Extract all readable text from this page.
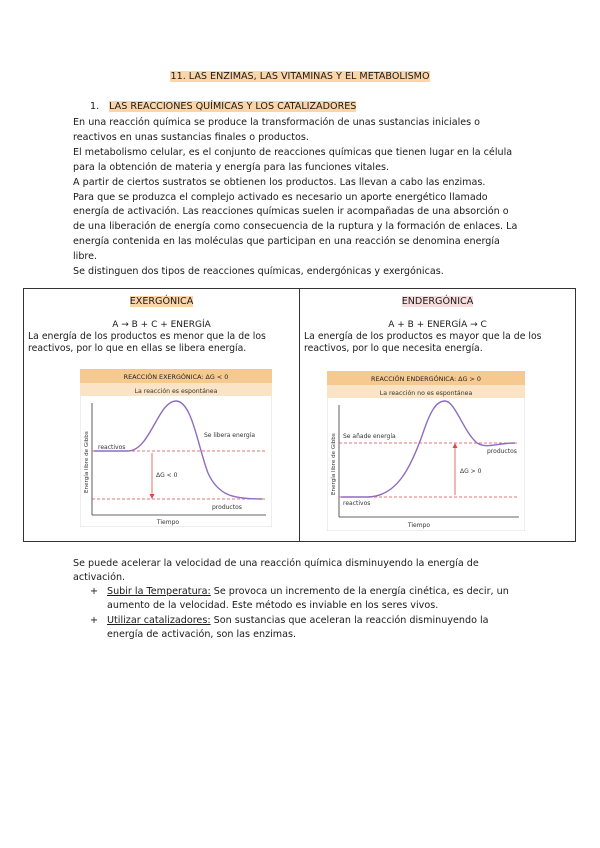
11. LAS ENZIMAS, LAS VITAMINAS Y EL METABOLISMO
1. LAS REACCIONES QUÍMICAS Y LOS CATALIZADORES

En una reacción química se produce la transformación de unas sustancias iniciales o

reactivos en unas sustancias finales o productos.

El metabolismo celular, es el conjunto de reacciones químicas que tienen lugar en la célula

para la obtención de materia y energía para las funciones vitales.

A partir de ciertos sustratos se obtienen los productos. Las llevan a cabo las enzimas.

Para que se produzca el complejo activado es necesario un aporte energético llamado

energía de activación. Las reacciones químicas suelen ir acompañadas de una absorción o

de una liberación de energía como consecuencia de la ruptura y la formación de enlaces. La

energía contenida en las moléculas que participan en una reacción se denomina energía

libre.

Se distinguen dos tipos de reacciones químicas, endergónicas y exergónicas.

EXERGÓNICA
A → B + C + ENERGÍA
La energía de los productos es menor que la de los
reactivos, por lo que en ellas se libera energía.
REACCIÓN EXERGÓNICA: ΔG < 0
La reacción es espontánea
Energía libre de Gibbs
Tiempo
reactivos
productos
ΔG < 0
Se libera energía

ENDERGÓNICA
A + B + ENERGÍA → C
La energía de los productos es mayor que la de los
reactivos, por lo que necesita energía.
REACCIÓN ENDERGÓNICA: ΔG > 0
La reacción no es espontánea
Energía libre de Gibbs
Tiempo
reactivos
productos
ΔG > 0
Se añade energía

Se puede acelerar la velocidad de una reacción química disminuyendo la energía de

activación.

+ Subir la Temperatura: Se provoca un incremento de la energía cinética, es decir, un
aumento de la velocidad. Este método es inviable en los seres vivos.
+ Utilizar catalizadores: Son sustancias que aceleran la reacción disminuyendo la
energía de activación, son las enzimas.
